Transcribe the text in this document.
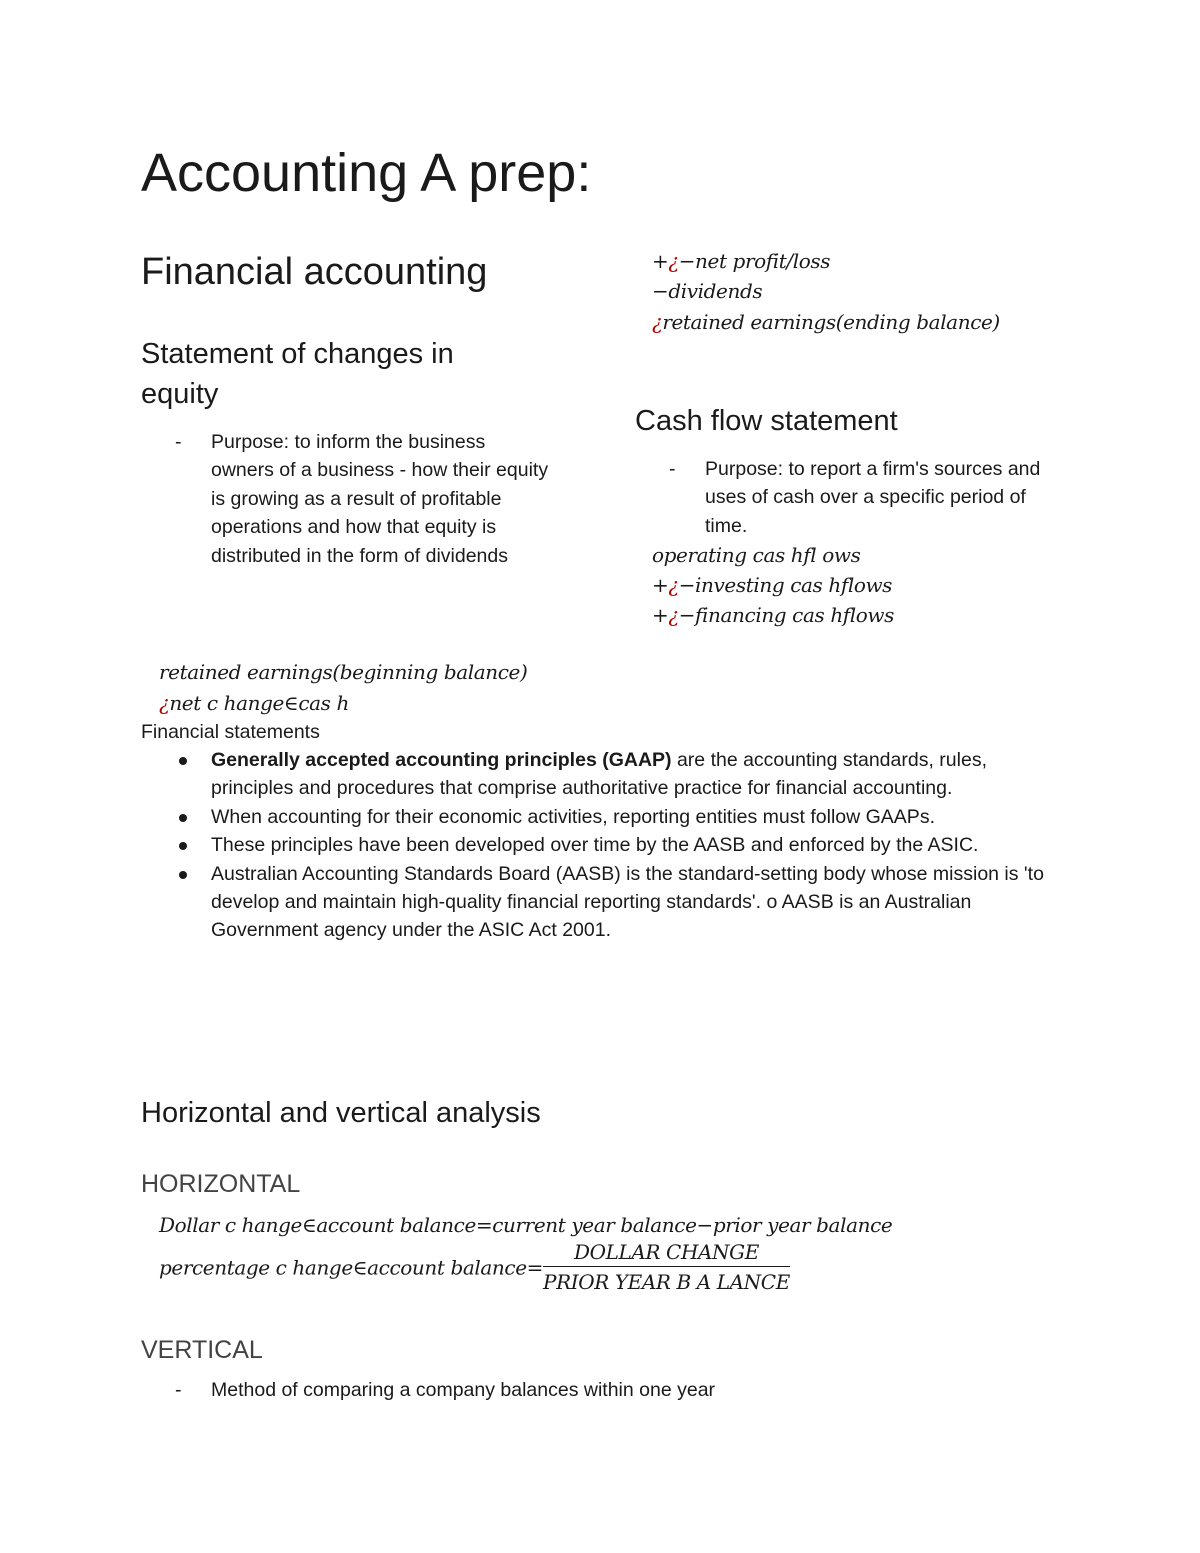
Accounting A prep:
Financial accounting
Statement of changes in equity
- Purpose: to inform the business owners of a business - how their equity is growing as a result of profitable operations and how that equity is distributed in the form of dividends
+¿−net profit/loss
−dividends
¿retained earnings(ending balance)
Cash flow statement
- Purpose: to report a firm's sources and uses of cash over a specific period of time.
operating cas hfl ows
+¿−investing cas hflows
+¿−financing cas hflows
retained earnings(beginning balance)
¿net c hange∈cas h
Financial statements
Generally accepted accounting principles (GAAP) are the accounting standards, rules, principles and procedures that comprise authoritative practice for financial accounting.
When accounting for their economic activities, reporting entities must follow GAAPs.
These principles have been developed over time by the AASB and enforced by the ASIC.
Australian Accounting Standards Board (AASB) is the standard-setting body whose mission is 'to develop and maintain high-quality financial reporting standards'. o AASB is an Australian Government agency under the ASIC Act 2001.
Horizontal and vertical analysis
HORIZONTAL
Dollar c hange∈account balance=current year balance−prior year balance
percentage c hange∈account balance= $\frac{\text{DOLLAR CHANGE}}{\text{PRIOR YEAR B A LANCE}}$
VERTICAL
- Method of comparing a company balances within one year
